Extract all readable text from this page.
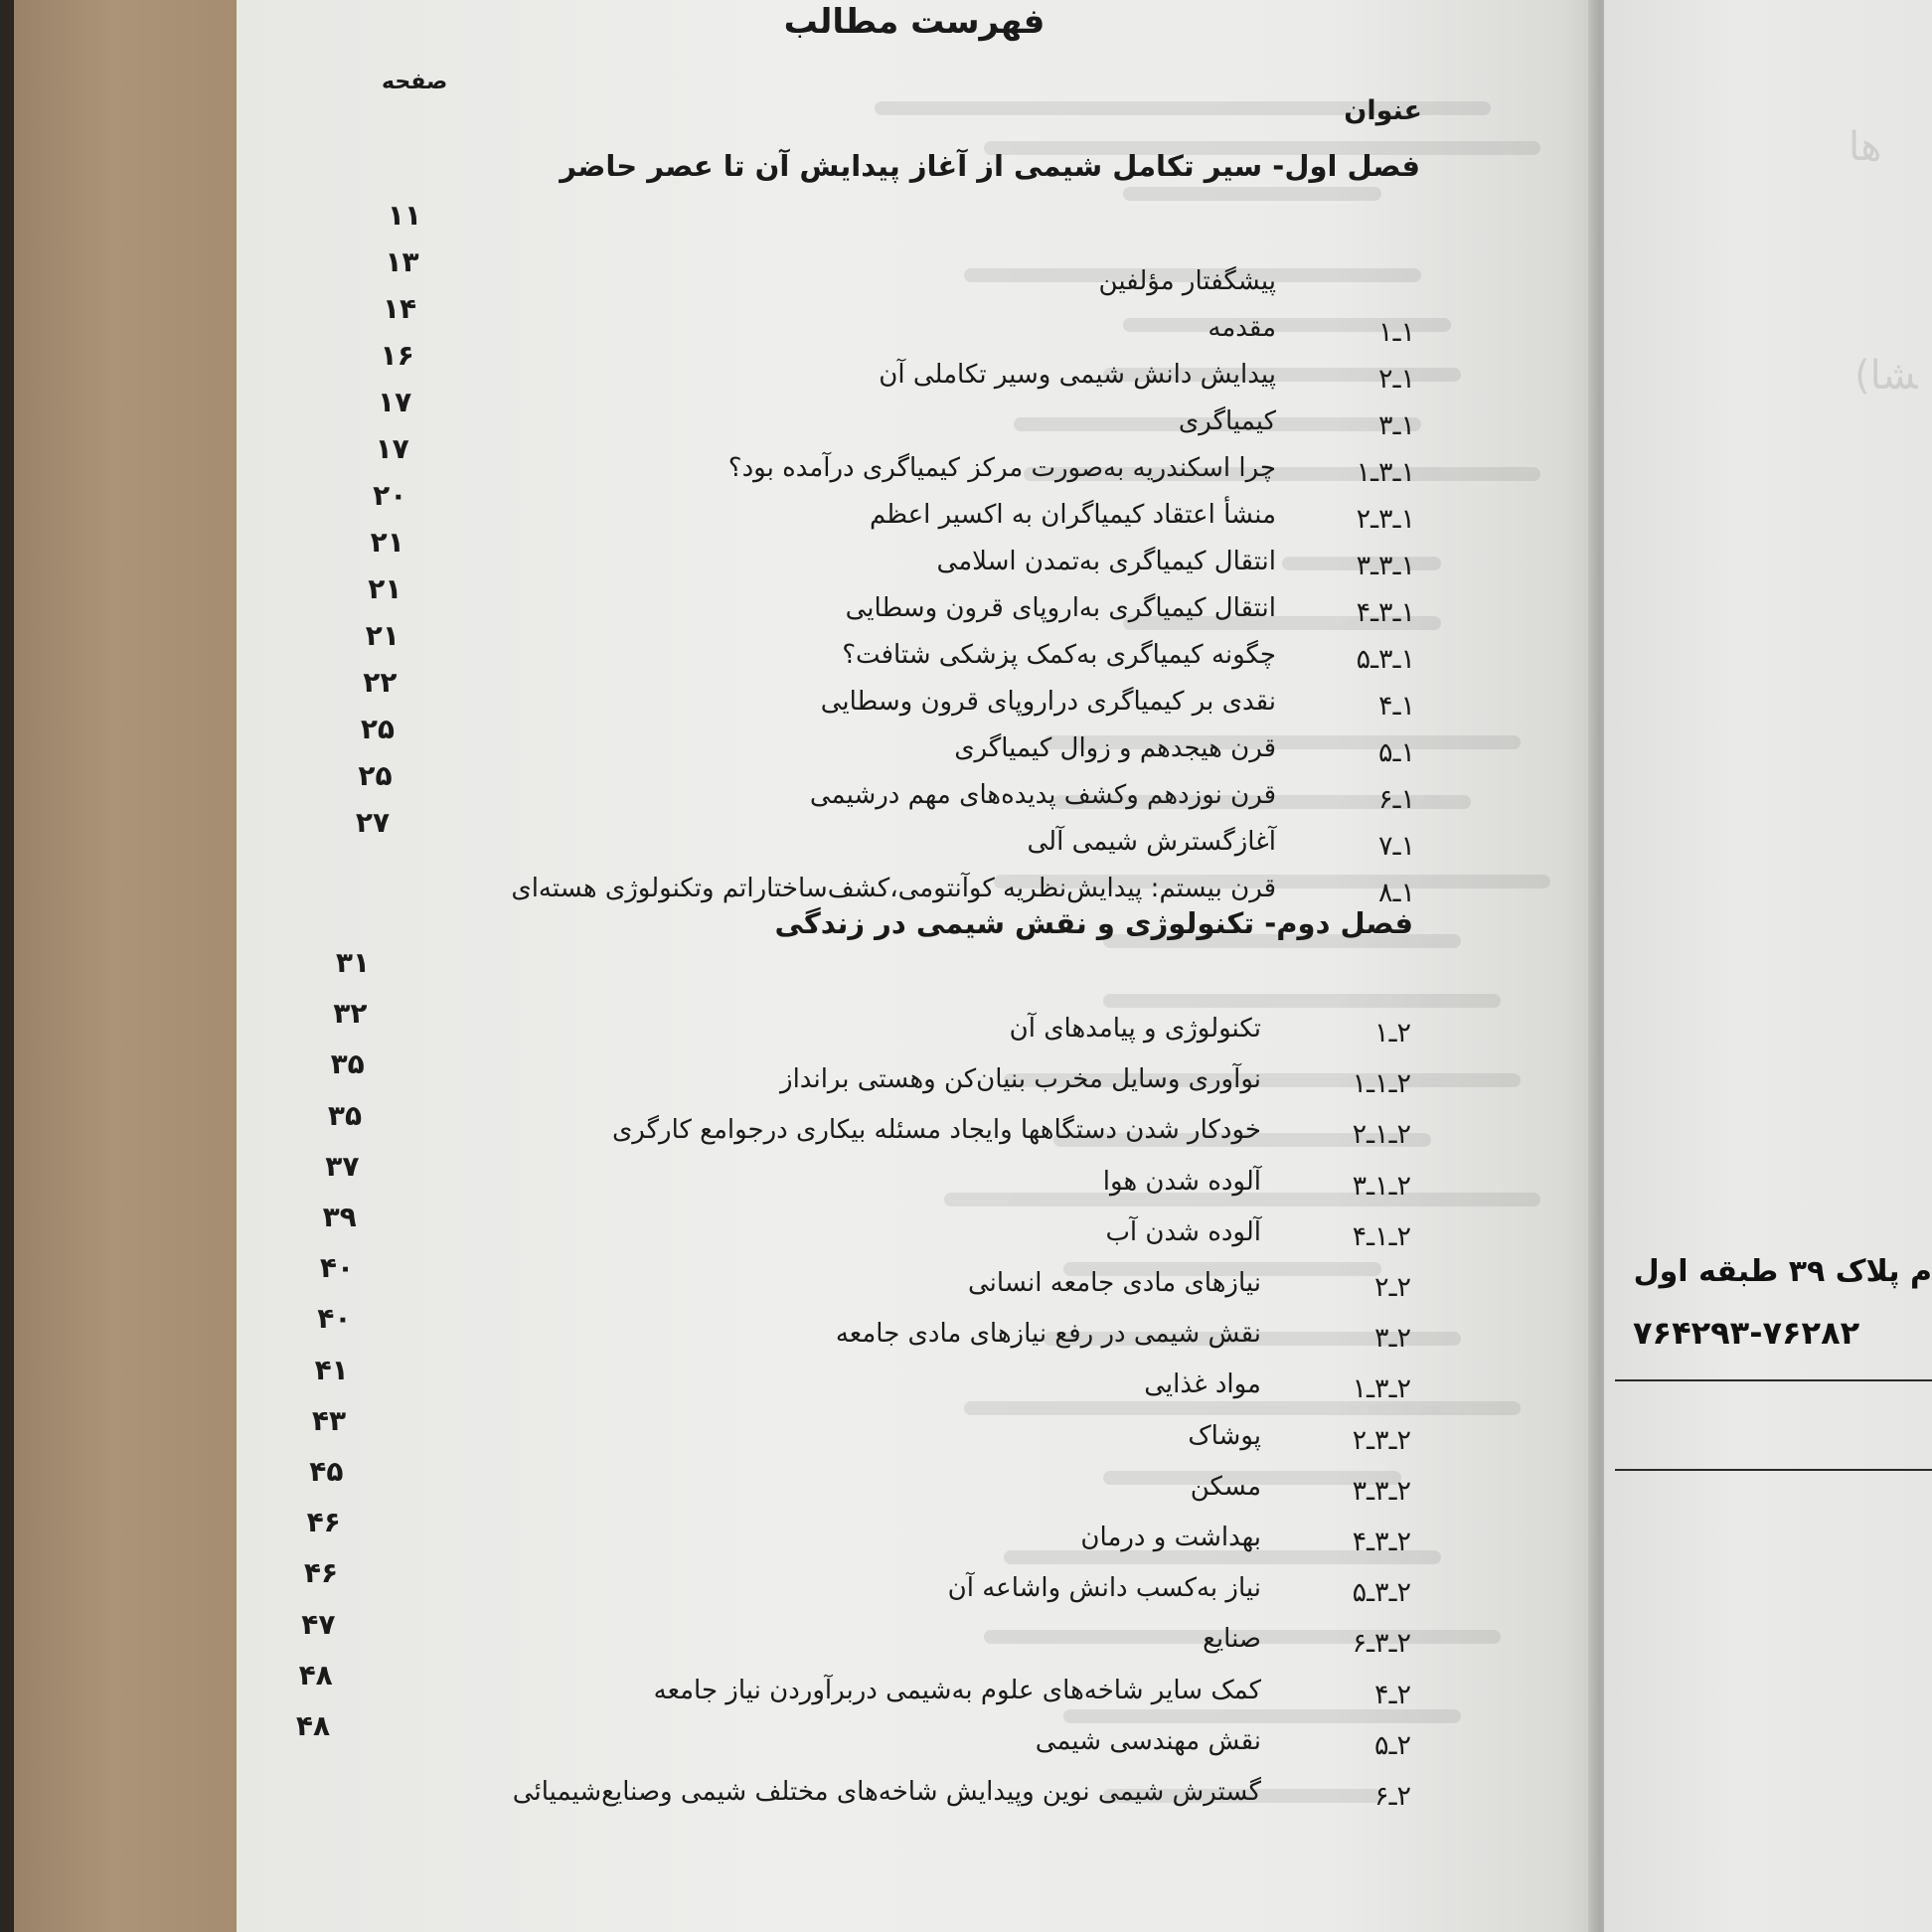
فهرست مطالب
صفحه
عنوان
فصل اول- سیر تکامل شیمی از آغاز پیدایش آن تا عصر حاضر
پیشگفتار مؤلفین
۱۱
۱ـ۱
مقدمه
۱۳
۱ـ۲
پیدایش دانش شیمی وسیر تکاملی آن
۱۴
۱ـ۳
کیمیاگری
۱۶
۱ـ۳ـ۱
چرا اسکندریه به‌صورت مرکز کیمیاگری درآمده بود؟
۱۷
۱ـ۳ـ۲
منشأ اعتقاد کیمیاگران به اکسیر اعظم
۱۷
۱ـ۳ـ۳
انتقال کیمیاگری به‌تمدن اسلامی
۲۰
۱ـ۳ـ۴
انتقال کیمیاگری به‌اروپای قرون وسطایی
۲۱
۱ـ۳ـ۵
چگونه کیمیاگری به‌کمک پزشکی شتافت؟
۲۱
۱ـ۴
نقدی بر کیمیاگری دراروپای قرون وسطایی
۲۱
۱ـ۵
قرن هیجدهم و زوال کیمیاگری
۲۲
۱ـ۶
قرن نوزدهم وکشف پدیده‌های مهم درشیمی
۲۵
۱ـ۷
آغازگسترش شیمی آلی
۲۵
۱ـ۸
قرن بیستم: پیدایش‌نظریه کوآنتومی،کشف‌ساختاراتم وتکنولوژی هسته‌ای
۲۷
فصل دوم- تکنولوژی و نقش شیمی در زندگی
۲ـ۱
تکنولوژی و پیامدهای آن
۳۱
۲ـ۱ـ۱
نوآوری وسایل مخرب بنیان‌کن وهستی برانداز
۳۲
۲ـ۱ـ۲
خودکار شدن دستگاهها وایجاد مسئله بیکاری درجوامع کارگری
۳۵
۲ـ۱ـ۳
آلوده شدن هوا
۳۵
۲ـ۱ـ۴
آلوده شدن آب
۳۷
۲ـ۲
نیازهای مادی جامعه انسانی
۳۹
۲ـ۳
نقش شیمی در رفع نیازهای مادی جامعه
۴۰
۲ـ۳ـ۱
مواد غذایی
۴۰
۲ـ۳ـ۲
پوشاک
۴۱
۲ـ۳ـ۳
مسکن
۴۳
۲ـ۳ـ۴
بهداشت و درمان
۴۵
۲ـ۳ـ۵
نیاز به‌کسب دانش واشاعه آن
۴۶
۲ـ۳ـ۶
صنایع
۴۶
۲ـ۴
کمک سایر شاخه‌های علوم به‌شیمی دربرآوردن نیاز جامعه
۴۷
۲ـ۵
نقش مهندسی شیمی
۴۸
۲ـ۶
گسترش شیمی نوین وپیدایش شاخه‌های مختلف شیمی وصنایع‌شیمیائی
۴۸
ﻫﺎ
ﺸﺎ)
م پلاک ۳۹ طبقه اول
۷۶۴۲۹۳-۷۶۲۸۲
